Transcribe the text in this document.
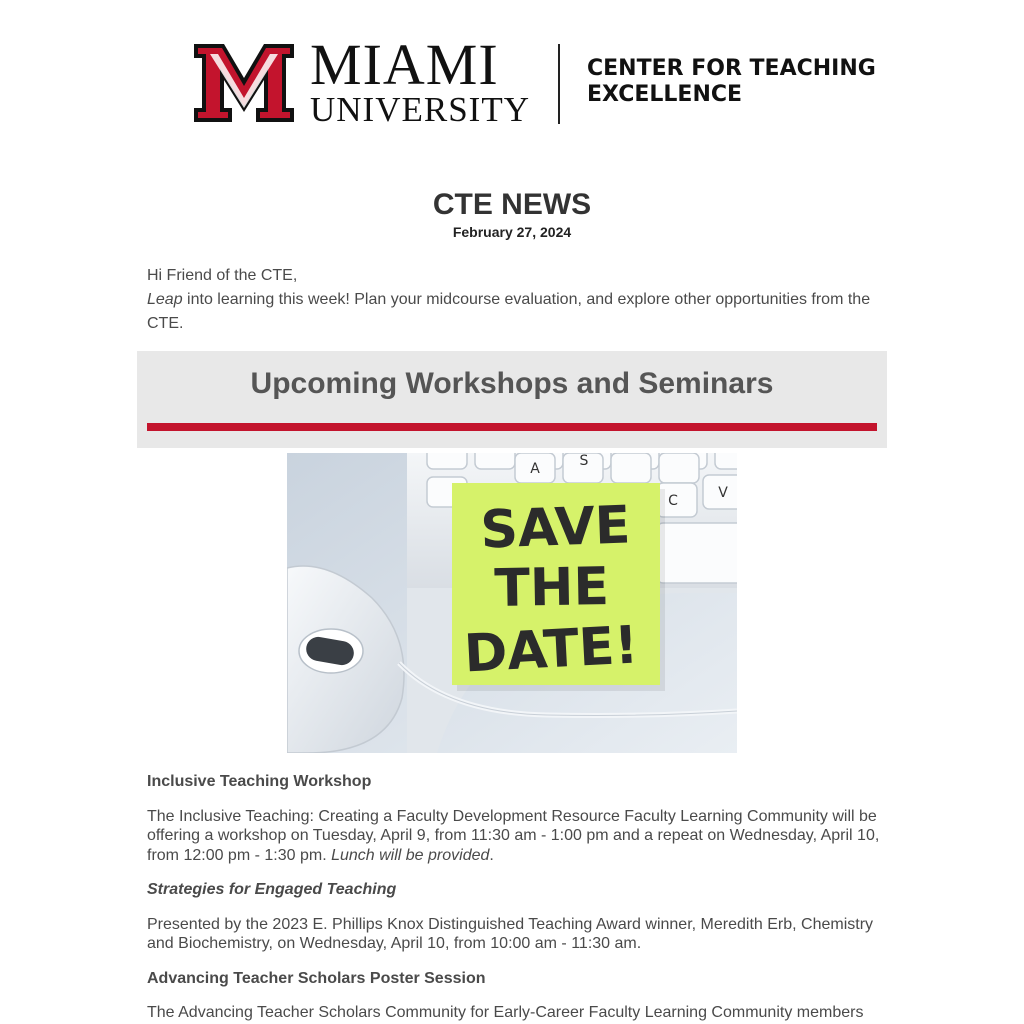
MIAMI
UNIVERSITY
CENTER FOR TEACHING
EXCELLENCE
CTE NEWS
February 27, 2024
Hi Friend of the CTE,
Leap into learning this week! Plan your midcourse evaluation, and explore other opportunities from the CTE.
Upcoming Workshops and Seminars
A	S
C	V
SAVE
THE
DATE!
Inclusive Teaching Workshop

The Inclusive Teaching: Creating a Faculty Development Resource Faculty Learning Community will be offering a workshop on Tuesday, April 9, from 11:30 am - 1:00 pm and a repeat on Wednesday, April 10, from 12:00 pm - 1:30 pm. Lunch will be provided.

Strategies for Engaged Teaching

Presented by the 2023 E. Phillips Knox Distinguished Teaching Award winner, Meredith Erb, Chemistry and Biochemistry, on Wednesday, April 10, from 10:00 am - 11:30 am.

Advancing Teacher Scholars Poster Session

The Advancing Teacher Scholars Community for Early-Career Faculty Learning Community members
